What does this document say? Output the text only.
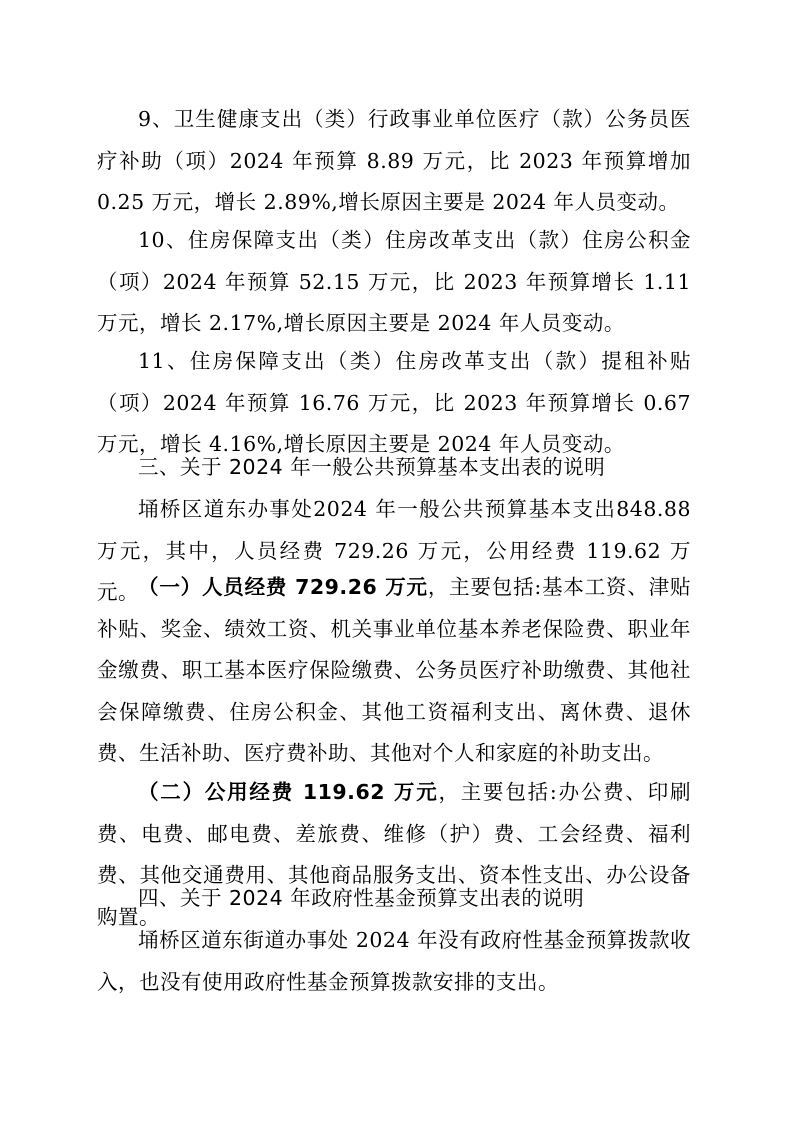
9、卫生健康支出（类）行政事业单位医疗（款）公务员医疗补助（项）2024 年预算 8.89 万元，比 2023 年预算增加 0.25 万元，增长 2.89%,增长原因主要是 2024 年人员变动。

10、住房保障支出（类）住房改革支出（款）住房公积金（项）2024 年预算 52.15 万元，比 2023 年预算增长 1.11 万元，增长 2.17%,增长原因主要是 2024 年人员变动。

11、住房保障支出（类）住房改革支出（款）提租补贴（项）2024 年预算 16.76 万元，比 2023 年预算增长 0.67 万元，增长 4.16%,增长原因主要是 2024 年人员变动。

三、关于 2024 年一般公共预算基本支出表的说明

埇桥区道东办事处2024 年一般公共预算基本支出848.88万元，其中，人员经费 729.26 万元，公用经费 119.62 万元。 （一）人员经费 729.26 万元，主要包括:基本工资、津贴补贴、奖金、绩效工资、机关事业单位基本养老保险费、职业年金缴费、职工基本医疗保险缴费、公务员医疗补助缴费、其他社会保障缴费、住房公积金、其他工资福利支出、离休费、退休费、生活补助、医疗费补助、其他对个人和家庭的补助支出。

（二）公用经费 119.62 万元，主要包括:办公费、印刷费、电费、邮电费、差旅费、维修（护）费、工会经费、福利费、其他交通费用、其他商品服务支出、资本性支出、办公设备购置。

四、关于 2024 年政府性基金预算支出表的说明

埇桥区道东街道办事处 2024 年没有政府性基金预算拨款收入，也没有使用政府性基金预算拨款安排的支出。
